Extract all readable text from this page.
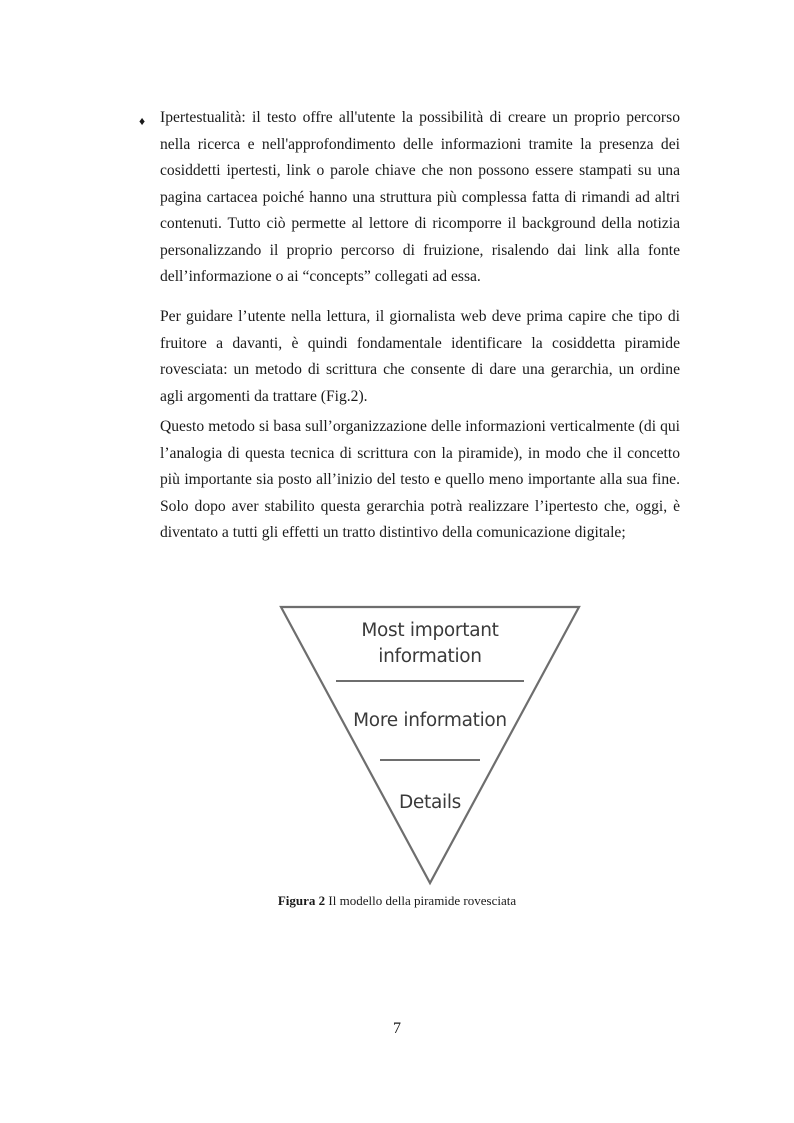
♦ Ipertestualità: il testo offre all'utente la possibilità di creare un proprio percorso nella ricerca e nell'approfondimento delle informazioni tramite la presenza dei cosiddetti ipertesti, link o parole chiave che non possono essere stampati su una pagina cartacea poiché hanno una struttura più complessa fatta di rimandi ad altri contenuti. Tutto ciò permette al lettore di ricomporre il background della notizia personalizzando il proprio percorso di fruizione, risalendo dai link alla fonte dell’informazione o ai “concepts” collegati ad essa.

Per guidare l’utente nella lettura, il giornalista web deve prima capire che tipo di fruitore a davanti, è quindi fondamentale identificare la cosiddetta piramide rovesciata: un metodo di scrittura che consente di dare una gerarchia, un ordine agli argomenti da trattare (Fig.2).

Questo metodo si basa sull’organizzazione delle informazioni verticalmente (di qui l’analogia di questa tecnica di scrittura con la piramide), in modo che il concetto più importante sia posto all’inizio del testo e quello meno importante alla sua fine. Solo dopo aver stabilito questa gerarchia potrà realizzare l’ipertesto che, oggi, è diventato a tutti gli effetti un tratto distintivo della comunicazione digitale;

Most important information
More information
Details
Figura 2 Il modello della piramide rovesciata
7
